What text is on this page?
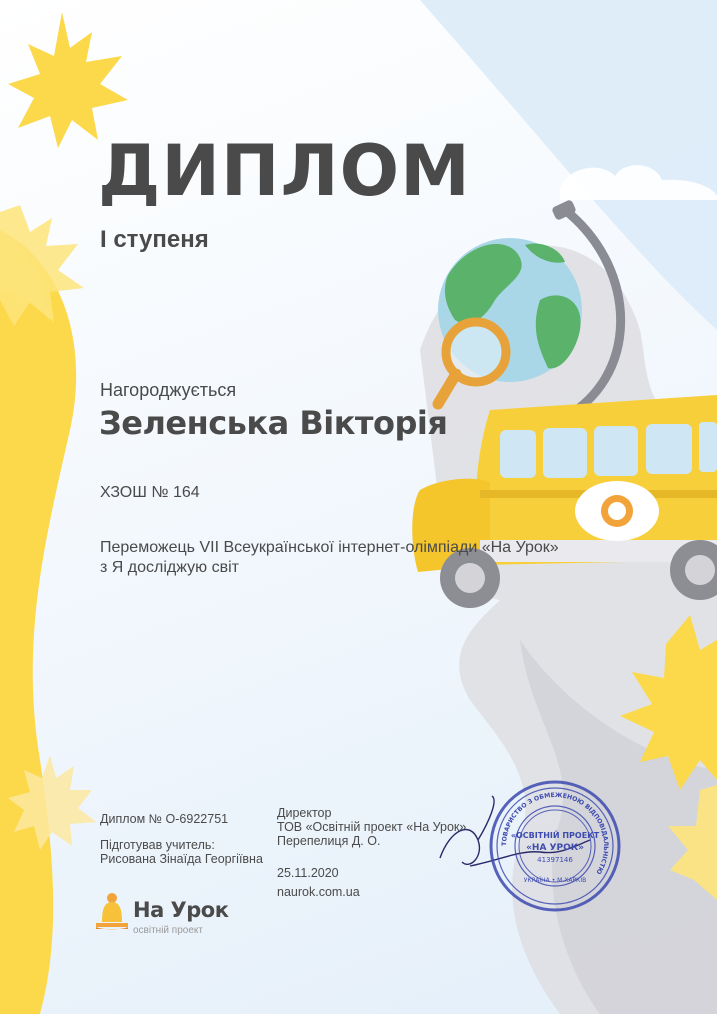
ТОВАРИСТВО З ОБМЕЖЕНОЮ ВІДПОВІДАЛЬНІСТЮ
УКРАЇНА • М.ХАРКІВ
«ОСВІТНІЙ ПРОЕКТ
«НА УРОК»
41397146
ДИПЛОМ
І ступеня
Нагороджується
Зеленська Вікторія
ХЗОШ № 164
Переможець VII Всеукраїнської інтернет-олімпіади «На Урок»
з Я досліджую світ
Диплом № О-6922751
Підготував учитель:
Рисована Зінаїда Георгіївна
Директор
ТОВ «Освітній проект «На Урок»
Перепелиця Д. О.
25.11.2020
naurok.com.ua
На Урок
освітній проект
